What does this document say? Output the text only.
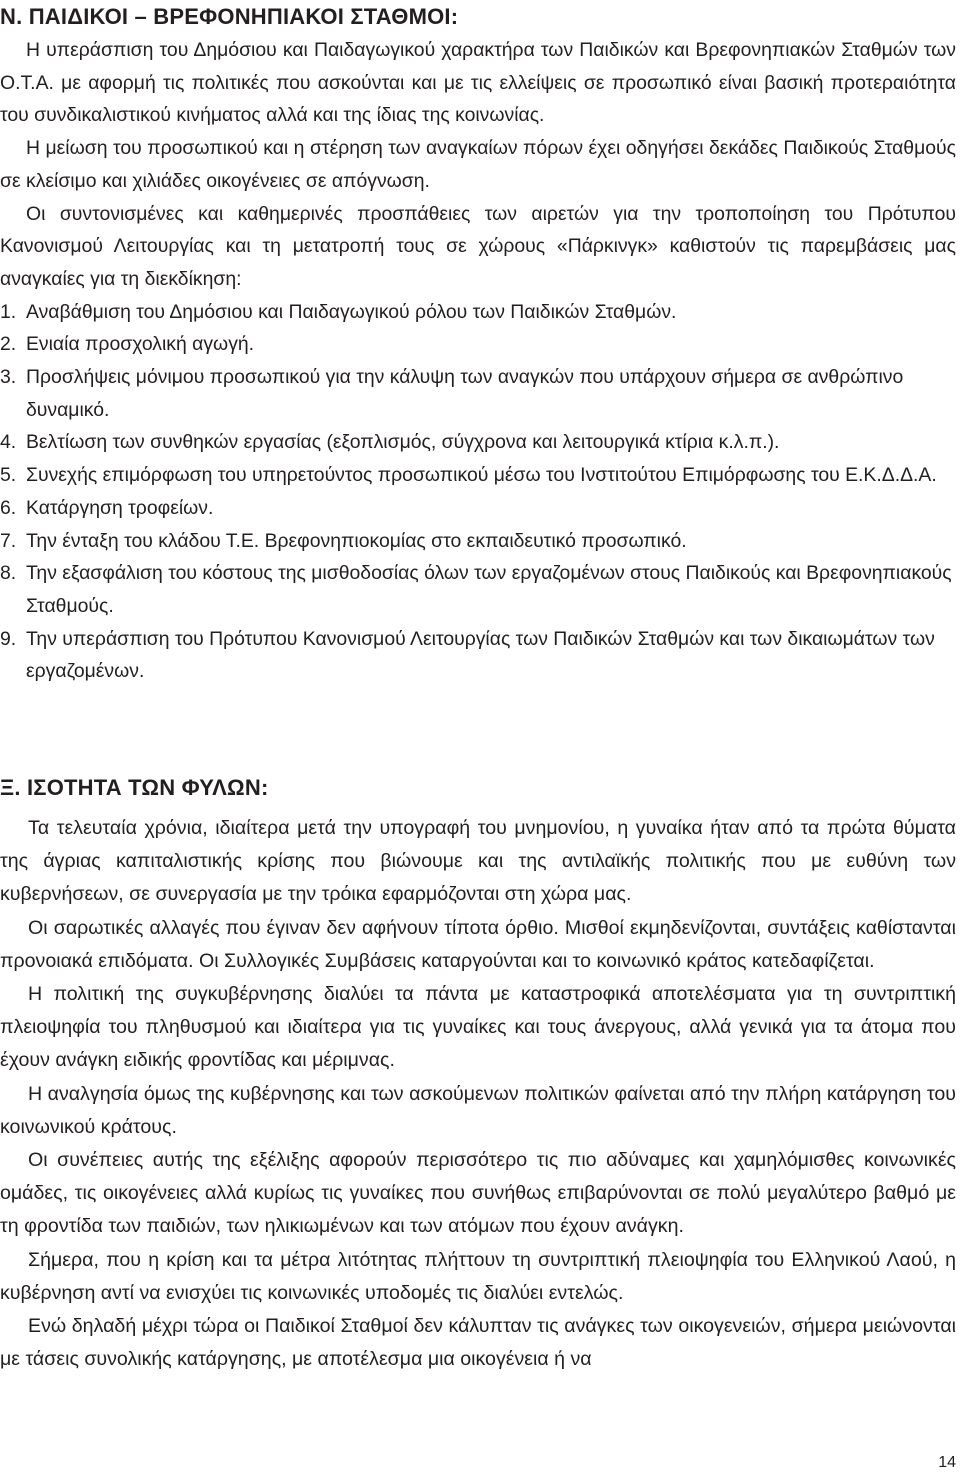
Ν. ΠΑΙΔΙΚΟΙ – ΒΡΕΦΟΝΗΠΙΑΚΟΙ ΣΤΑΘΜΟΙ:

Η υπεράσπιση του Δημόσιου και Παιδαγωγικού χαρακτήρα των Παιδικών και Βρεφονηπιακών Σταθμών των Ο.Τ.Α. με αφορμή τις πολιτικές που ασκούνται και με τις ελλείψεις σε προσωπικό είναι βασική προτεραιότητα του συνδικαλιστικού κινήματος αλλά και της ίδιας της κοινωνίας.

Η μείωση του προσωπικού και η στέρηση των αναγκαίων πόρων έχει οδηγήσει δεκάδες Παιδικούς Σταθμούς σε κλείσιμο και χιλιάδες οικογένειες σε απόγνωση.

Οι συντονισμένες και καθημερινές προσπάθειες των αιρετών για την τροποποίηση του Πρότυπου Κανονισμού Λειτουργίας και τη μετατροπή τους σε χώρους «Πάρκινγκ» καθιστούν τις παρεμβάσεις μας αναγκαίες για τη διεκδίκηση:

1. Αναβάθμιση του Δημόσιου και Παιδαγωγικού ρόλου των Παιδικών Σταθμών.
2. Ενιαία προσχολική αγωγή.
3. Προσλήψεις μόνιμου προσωπικού για την κάλυψη των αναγκών που υπάρχουν σήμερα σε ανθρώπινο δυναμικό.
4. Βελτίωση των συνθηκών εργασίας (εξοπλισμός, σύγχρονα και λειτουργικά κτίρια κ.λ.π.).
5. Συνεχής επιμόρφωση του υπηρετούντος προσωπικού μέσω του Ινστιτούτου Επιμόρφωσης του Ε.Κ.Δ.Δ.Α.
6. Κατάργηση τροφείων.
7. Την ένταξη του κλάδου Τ.Ε. Βρεφονηπιοκομίας στο εκπαιδευτικό προσωπικό.
8. Την εξασφάλιση του κόστους της μισθοδοσίας όλων των εργαζομένων στους Παιδικούς και Βρεφονηπιακούς Σταθμούς.
9. Την υπεράσπιση του Πρότυπου Κανονισμού Λειτουργίας των Παιδικών Σταθμών και των δικαιωμάτων των εργαζομένων.
Ξ. ΙΣΟΤΗΤΑ ΤΩΝ ΦΥΛΩΝ:

Τα τελευταία χρόνια, ιδιαίτερα μετά την υπογραφή του μνημονίου, η γυναίκα ήταν από τα πρώτα θύματα της άγριας καπιταλιστικής κρίσης που βιώνουμε και της αντιλαϊκής πολιτικής που με ευθύνη των κυβερνήσεων, σε συνεργασία με την τρόικα εφαρμόζονται στη χώρα μας.

Οι σαρωτικές αλλαγές που έγιναν δεν αφήνουν τίποτα όρθιο. Μισθοί εκμηδενίζονται, συντάξεις καθίστανται προνοιακά επιδόματα. Οι Συλλογικές Συμβάσεις καταργούνται και το κοινωνικό κράτος κατεδαφίζεται.

Η πολιτική της συγκυβέρνησης διαλύει τα πάντα με καταστροφικά αποτελέσματα για τη συντριπτική πλειοψηφία του πληθυσμού και ιδιαίτερα για τις γυναίκες και τους άνεργους, αλλά γενικά για τα άτομα που έχουν ανάγκη ειδικής φροντίδας και μέριμνας.

Η αναλγησία όμως της κυβέρνησης και των ασκούμενων πολιτικών φαίνεται από την πλήρη κατάργηση του κοινωνικού κράτους.

Οι συνέπειες αυτής της εξέλιξης αφορούν περισσότερο τις πιο αδύναμες και χαμηλόμισθες κοινωνικές ομάδες, τις οικογένειες αλλά κυρίως τις γυναίκες που συνήθως επιβαρύνονται σε πολύ μεγαλύτερο βαθμό με τη φροντίδα των παιδιών, των ηλικιωμένων και των ατόμων που έχουν ανάγκη.

Σήμερα, που η κρίση και τα μέτρα λιτότητας πλήττουν τη συντριπτική πλειοψηφία του Ελληνικού Λαού, η κυβέρνηση αντί να ενισχύει τις κοινωνικές υποδομές τις διαλύει εντελώς.

Ενώ δηλαδή μέχρι τώρα οι Παιδικοί Σταθμοί δεν κάλυπταν τις ανάγκες των οικογενειών, σήμερα μειώνονται με τάσεις συνολικής κατάργησης, με αποτέλεσμα μια οικογένεια ή να

14
